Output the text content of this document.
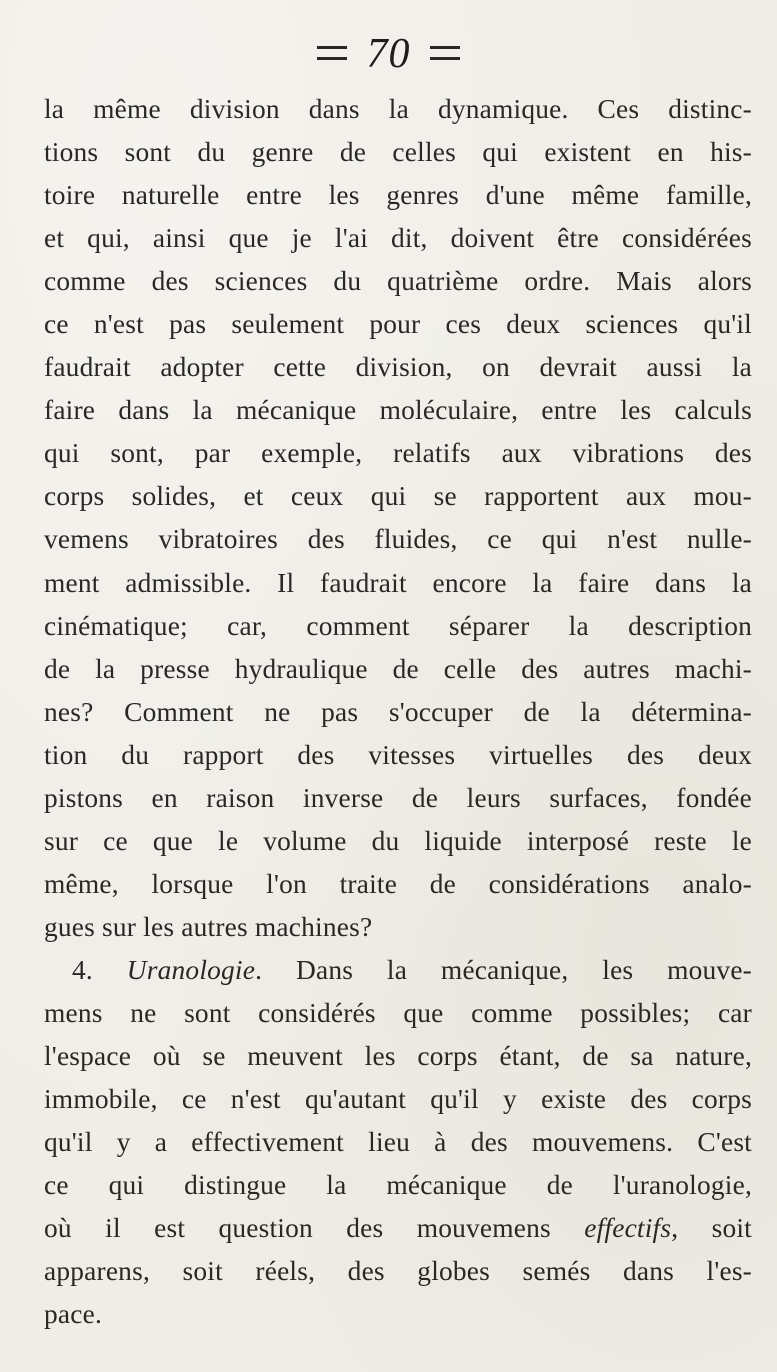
70
la même division dans la dynamique. Ces distinc-
tions sont du genre de celles qui existent en his-
toire naturelle entre les genres d'une même famille,
et qui, ainsi que je l'ai dit, doivent être considérées
comme des sciences du quatrième ordre. Mais alors
ce n'est pas seulement pour ces deux sciences qu'il
faudrait adopter cette division, on devrait aussi la
faire dans la mécanique moléculaire, entre les calculs
qui sont, par exemple, relatifs aux vibrations des
corps solides, et ceux qui se rapportent aux mou-
vemens vibratoires des fluides, ce qui n'est nulle-
ment admissible. Il faudrait encore la faire dans la
cinématique; car, comment séparer la description
de la presse hydraulique de celle des autres machi-
nes? Comment ne pas s'occuper de la détermina-
tion du rapport des vitesses virtuelles des deux
pistons en raison inverse de leurs surfaces, fondée
sur ce que le volume du liquide interposé reste le
même, lorsque l'on traite de considérations analo-
gues sur les autres machines?
4. Uranologie. Dans la mécanique, les mouve-
mens ne sont considérés que comme possibles; car
l'espace où se meuvent les corps étant, de sa nature,
immobile, ce n'est qu'autant qu'il y existe des corps
qu'il y a effectivement lieu à des mouvemens. C'est
ce qui distingue la mécanique de l'uranologie,
où il est question des mouvemens effectifs, soit
apparens, soit réels, des globes semés dans l'es-
pace.
